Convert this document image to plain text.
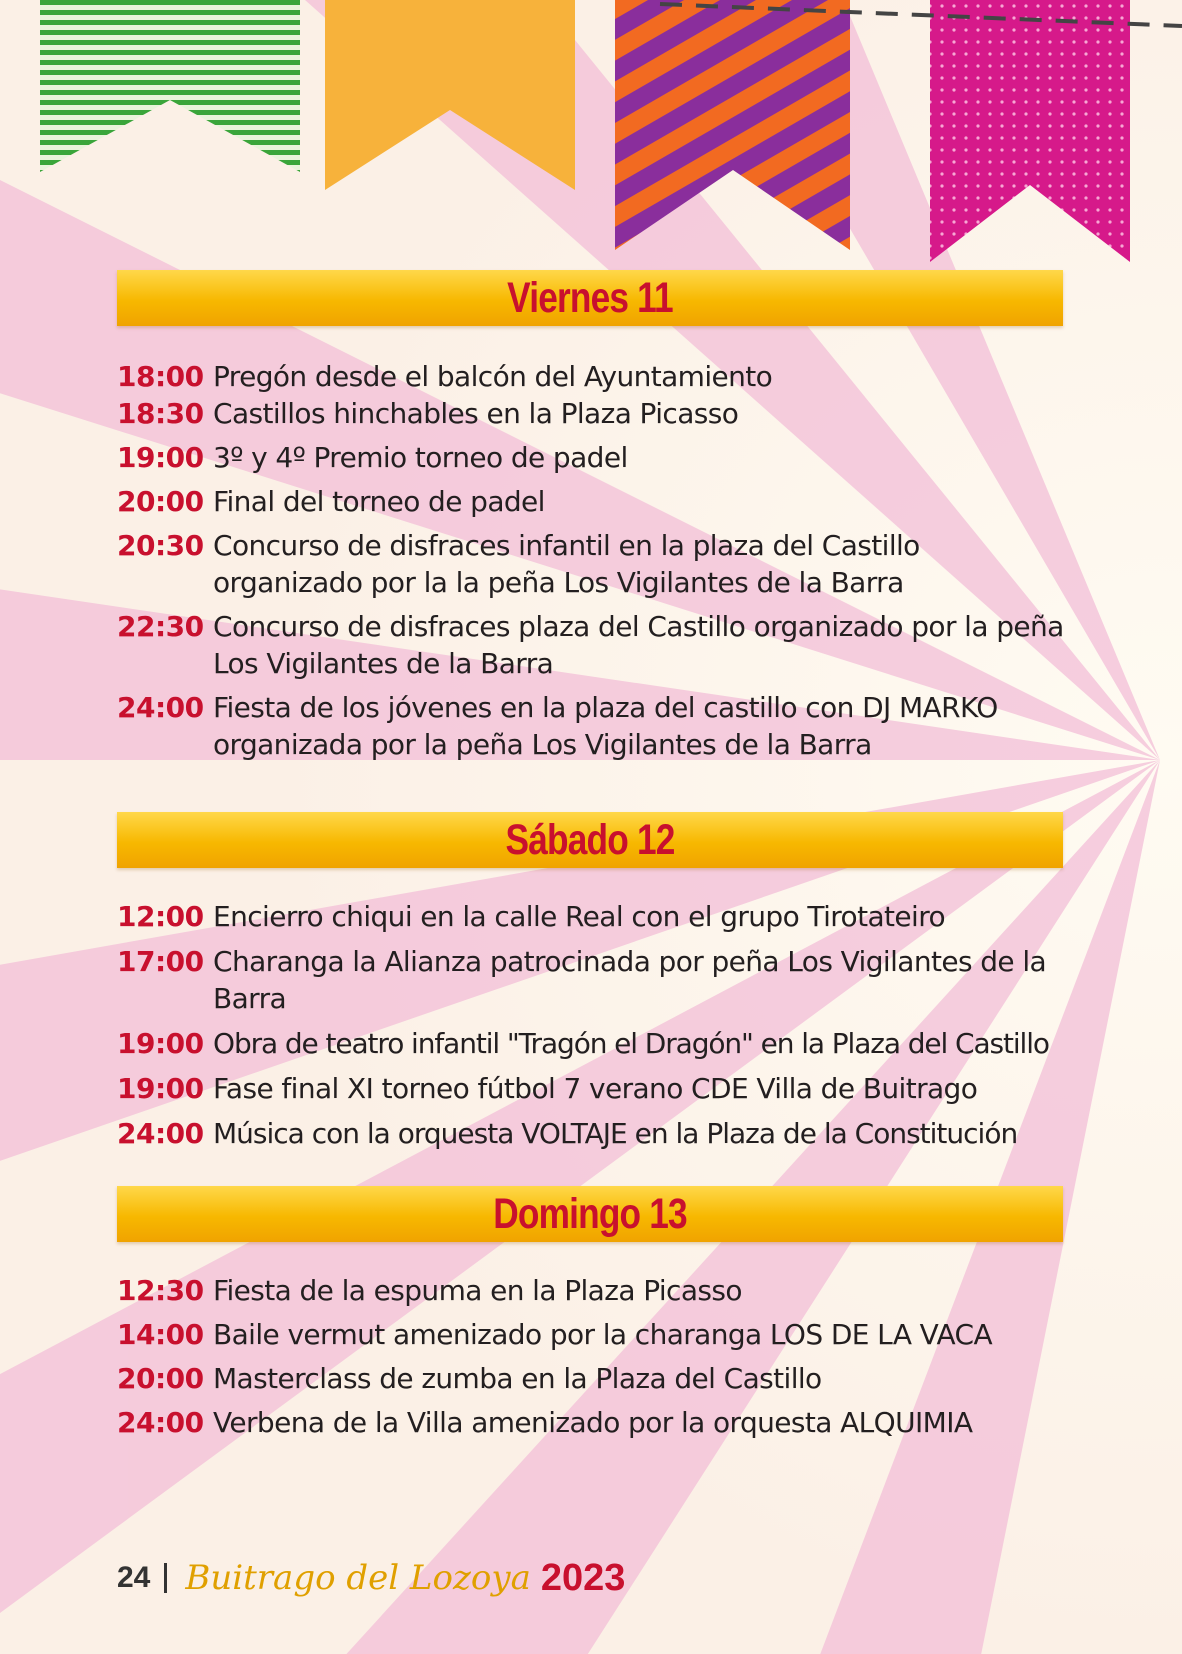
Viernes 11
18:00 Pregón desde el balcón del Ayuntamiento
18:30 Castillos hinchables en la Plaza Picasso
19:00 3º y 4º Premio torneo de padel
20:00 Final del torneo de padel
20:30 Concurso de disfraces infantil en la plaza del Castillo organizado por la la peña Los Vigilantes de la Barra
22:30 Concurso de disfraces plaza del Castillo organizado por la peña Los Vigilantes de la Barra
24:00 Fiesta de los jóvenes en la plaza del castillo con DJ MARKO organizada por la peña Los Vigilantes de la Barra
Sábado 12
12:00 Encierro chiqui en la calle Real con el grupo Tirotateiro
17:00 Charanga la Alianza patrocinada por peña Los Vigilantes de la Barra
19:00 Obra de teatro infantil "Tragón el Dragón" en la Plaza del Castillo
19:00 Fase final XI torneo fútbol 7 verano CDE Villa de Buitrago
24:00 Música con la orquesta VOLTAJE en la Plaza de la Constitución
Domingo 13
12:30 Fiesta de la espuma en la Plaza Picasso
14:00 Baile vermut amenizado por la charanga LOS DE LA VACA
20:00 Masterclass de zumba en la Plaza del Castillo
24:00 Verbena de la Villa amenizado por la orquesta ALQUIMIA
24 Buitrago del Lozoya 2023
